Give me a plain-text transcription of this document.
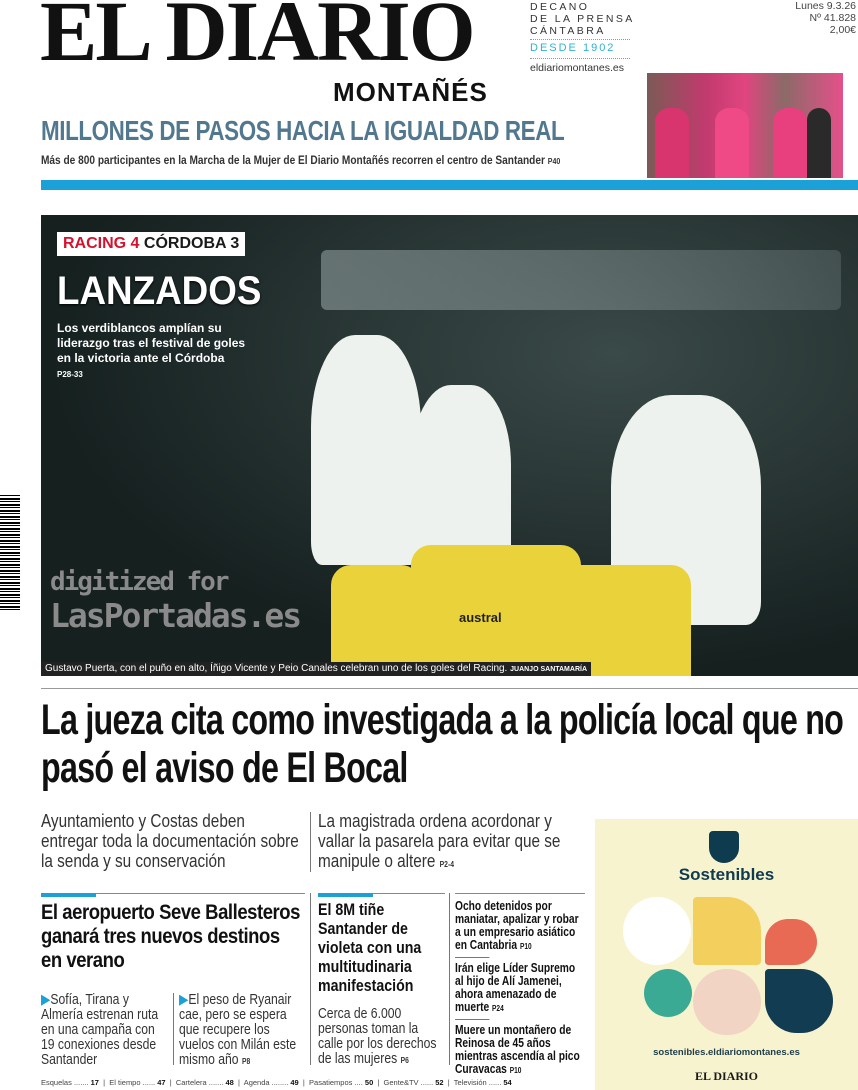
EL DIARIO
MONTAÑÉS
DECANO
DE LA PRENSA
CÁNTABRA
DESDE 1902
eldiariomontanes.es
Lunes 9.3.26
Nº 41.828
2,00€
MILLONES DE PASOS HACIA LA IGUALDAD REAL
Más de 800 participantes en la Marcha de la Mujer de El Diario Montañés recorren el centro de Santander P40
austral
RACING 4 CÓRDOBA 3
LANZADOS
Los verdiblancos amplían su liderazgo tras el festival de goles en la victoria ante el Córdoba
P28-33
Gustavo Puerta, con el puño en alto, Íñigo Vicente y Peio Canales celebran uno de los goles del Racing. JUANJO SANTAMARÍA
digitized for
LasPortadas.es
La jueza cita como investigada a la policía local que no pasó el aviso de El Bocal
Ayuntamiento y Costas deben entregar toda la documentación sobre la senda y su conservación
La magistrada ordena acordonar y vallar la pasarela para evitar que se manipule o altere P2-4
El aeropuerto Seve Ballesteros ganará tres nuevos destinos en verano
▶Sofía, Tirana y Almería estrenan ruta en una campaña con 19 conexiones desde Santander
▶El peso de Ryanair cae, pero se espera que recupere los vuelos con Milán este mismo año P8
El 8M tiñe Santander de violeta con una multitudinaria manifestación
Cerca de 6.000 personas toman la calle por los derechos de las mujeres P6
Ocho detenidos por maniatar, apalizar y robar a un empresario asiático en Cantabria P10
Irán elige Líder Supremo al hijo de Alí Jamenei, ahora amenazado de muerte P24
Muere un montañero de Reinosa de 45 años mientras ascendía al pico Curavacas P10
Sostenibles
sostenibles.eldiariomontanes.es
EL DIARIO
Esquelas ....... 17  |  El tiempo ...... 47  |  Cartelera ....... 48  |  Agenda ........ 49  |  Pasatiempos .... 50  |  Gente&TV ...... 52  |  Televisión ...... 54
